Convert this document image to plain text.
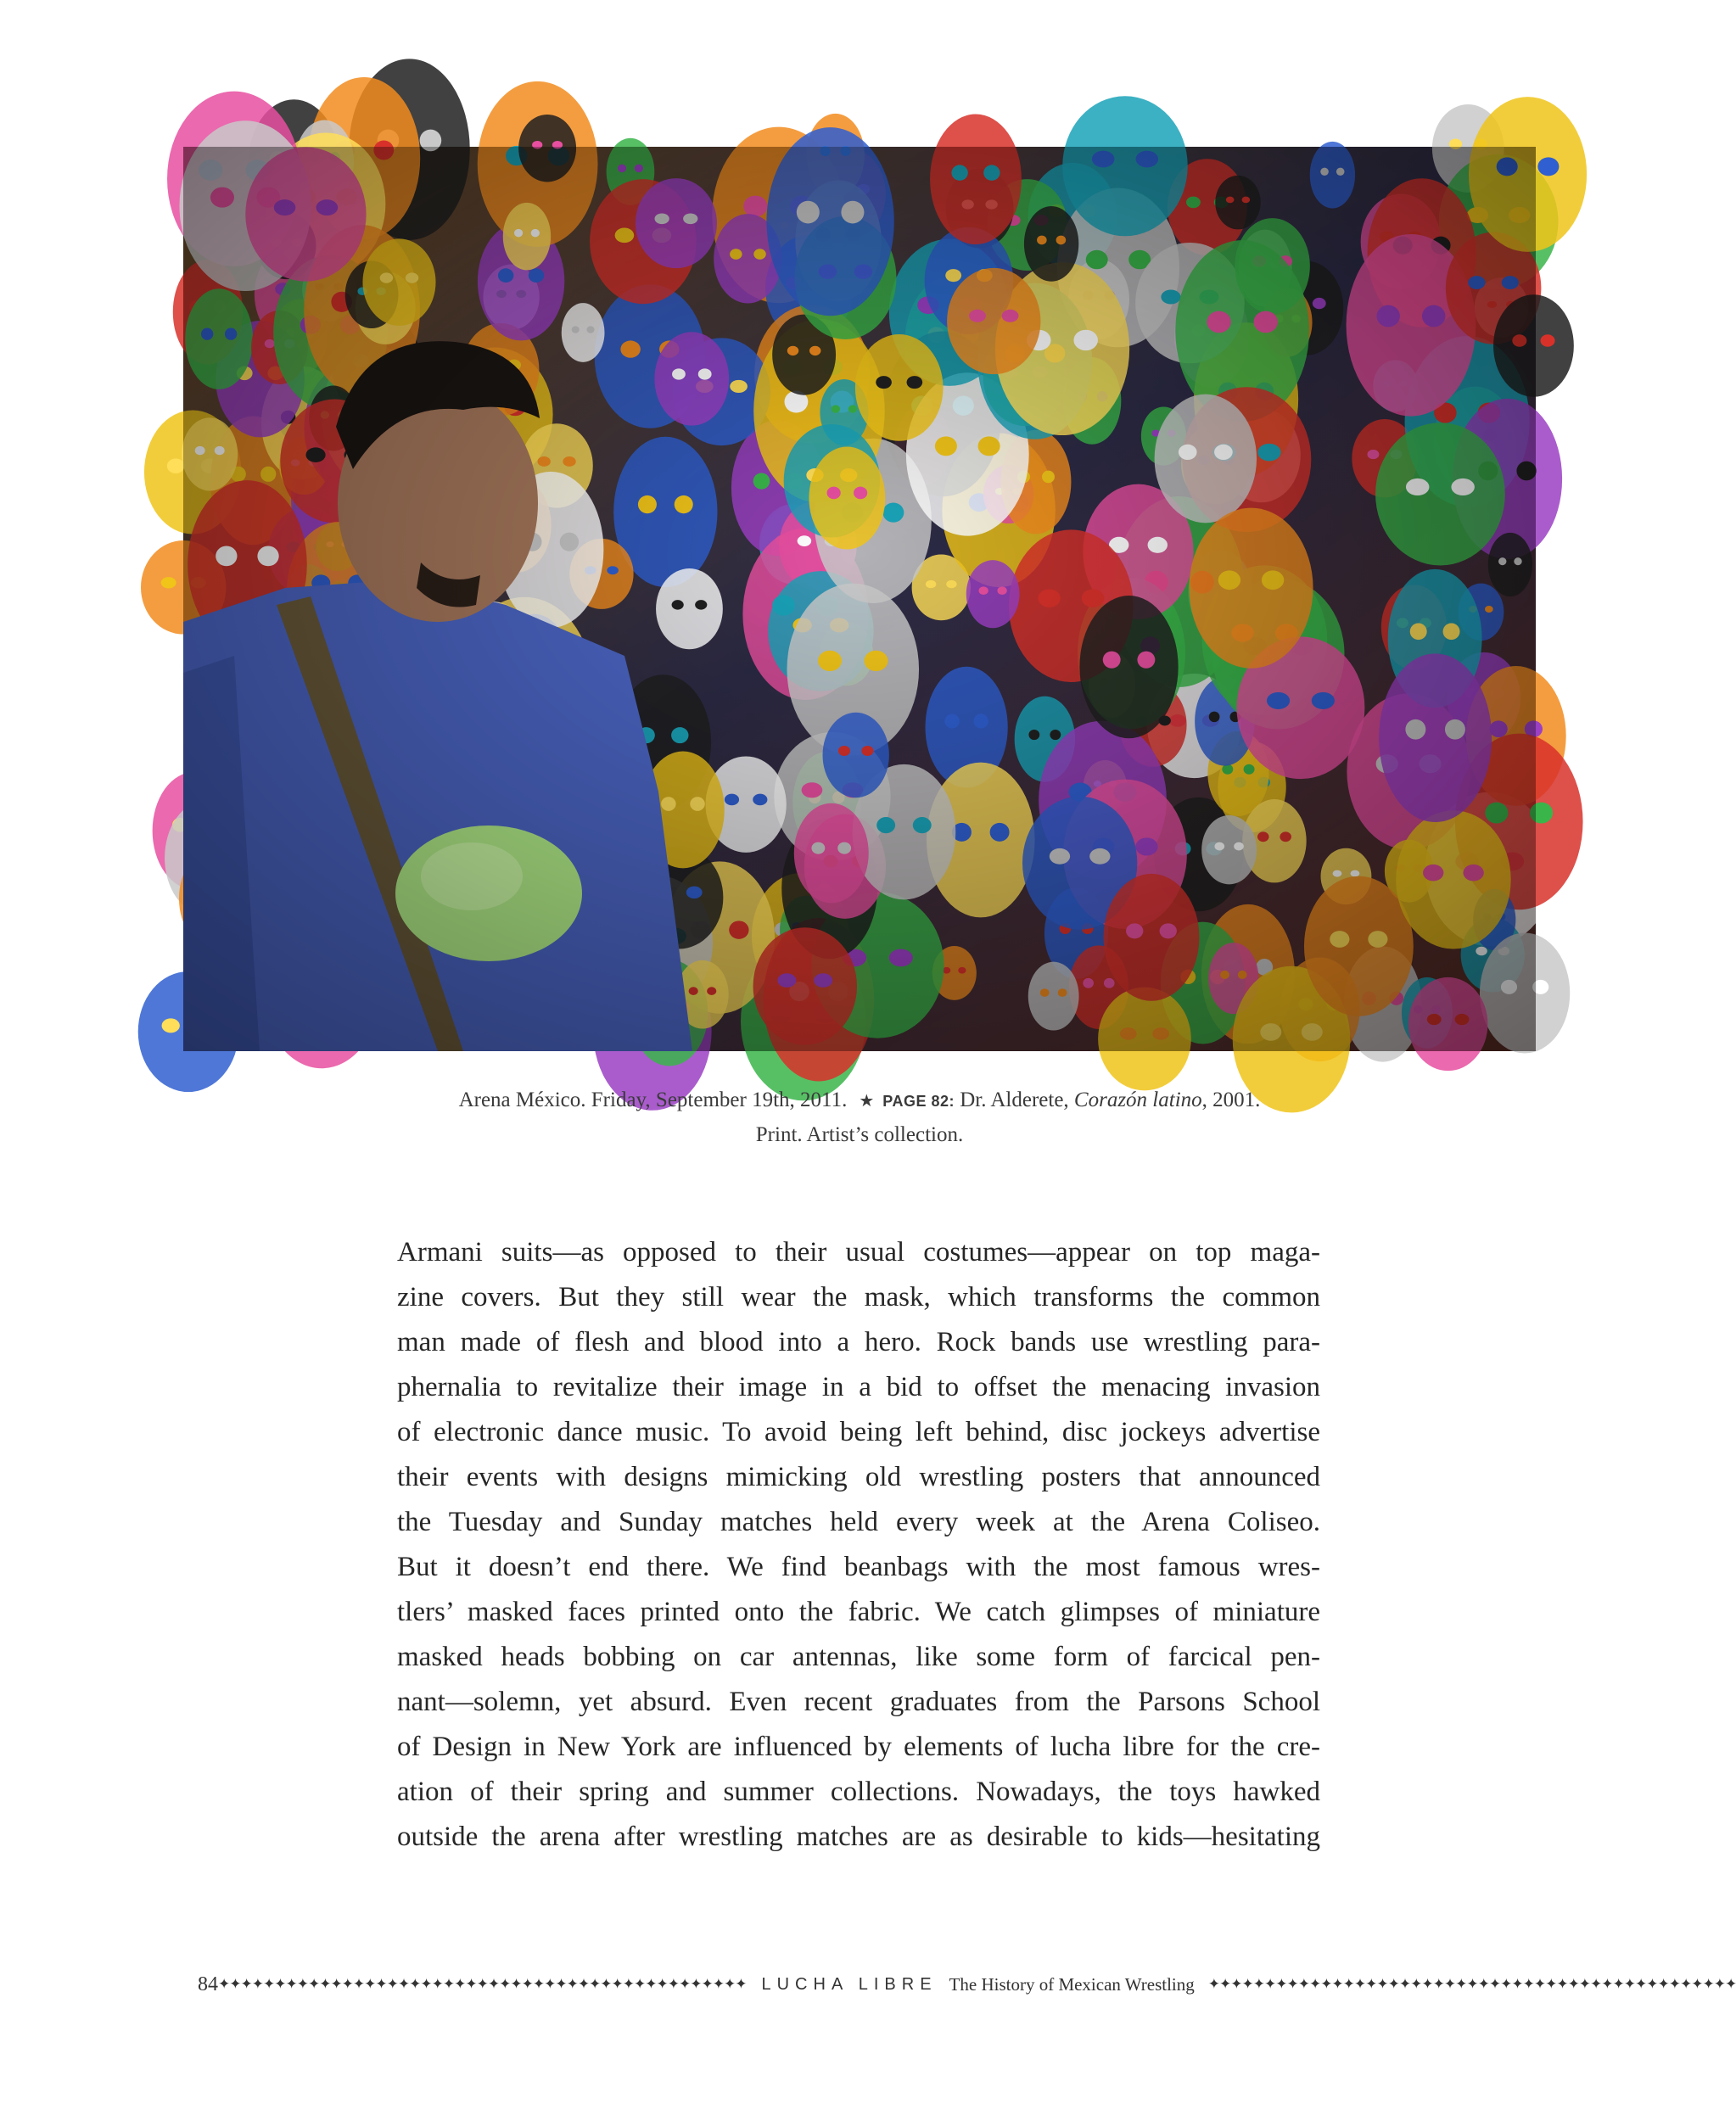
Arena México. Friday, September 19th, 2011. ★ PAGE 82: Dr. Alderete, Corazón latino, 2001.
Print. Artist’s collection.

Armani suits—as opposed to their usual costumes—appear on top maga-

zine covers. But they still wear the mask, which transforms the common

man made of flesh and blood into a hero. Rock bands use wrestling para-

phernalia to revitalize their image in a bid to offset the menacing invasion

of electronic dance music. To avoid being left behind, disc jockeys advertise

their events with designs mimicking old wrestling posters that announced

the Tuesday and Sunday matches held every week at the Arena Coliseo.

But it doesn’t end there. We find beanbags with the most famous wres-

tlers’ masked faces printed onto the fabric. We catch glimpses of miniature

masked heads bobbing on car antennas, like some form of farcical pen-

nant—solemn, yet absurd. Even recent graduates from the Parsons School

of Design in New York are influenced by elements of lucha libre for the cre-

ation of their spring and summer collections. Nowadays, the toys hawked

outside the arena after wrestling matches are as desirable to kids—hesitating

84 ✦✦✦✦✦✦✦✦✦✦✦✦✦✦✦✦✦✦✦✦✦✦✦✦✦✦✦✦✦✦✦✦✦✦✦✦✦✦✦✦✦✦✦✦✦✦✦ LUCHA LIBRE The History of Mexican Wrestling ✦✦✦✦✦✦✦✦✦✦✦✦✦✦✦✦✦✦✦✦✦✦✦✦✦✦✦✦✦✦✦✦✦✦✦✦✦✦✦✦✦✦✦✦✦✦✦
